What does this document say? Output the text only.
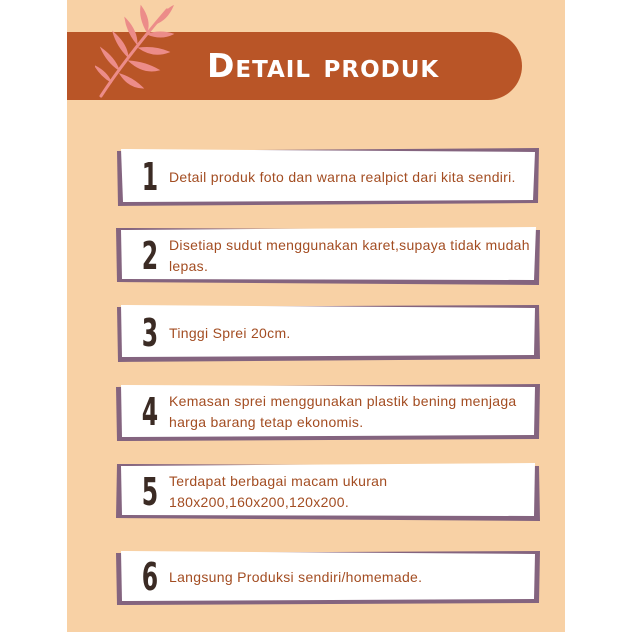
Detail produk
1 Detail produk foto dan warna realpict dari kita sendiri.
2 Disetiap sudut menggunakan karet,supaya tidak mudah lepas.
3 Tinggi Sprei 20cm.
4 Kemasan sprei menggunakan plastik bening menjaga harga barang tetap ekonomis.
5 Terdapat berbagai macam ukuran 180x200,160x200,120x200.
6 Langsung Produksi sendiri/homemade.
